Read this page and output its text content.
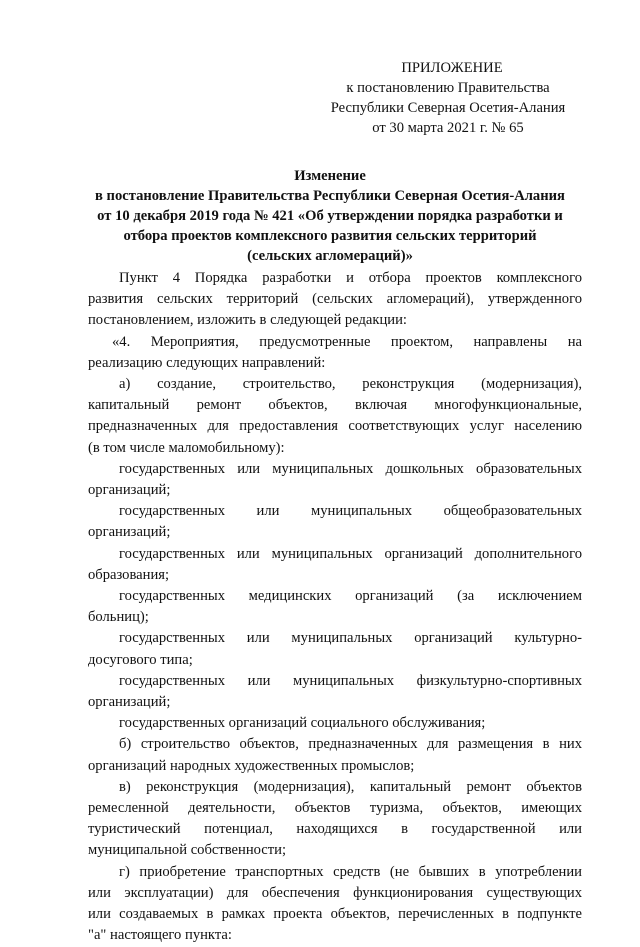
ПРИЛОЖЕНИЕ
к постановлению Правительства
Республики Северная Осетия-Алания
от 30 марта 2021 г. № 65
Изменение
в постановление Правительства Республики Северная Осетия-Алания
от 10 декабря 2019 года № 421 «Об утверждении порядка разработки и
отбора проектов комплексного развития сельских территорий
(сельских агломераций)»

Пункт 4 Порядка разработки и отбора проектов комплексного
развития сельских территорий (сельских агломераций), утвержденного
постановлением, изложить в следующей редакции:

«4. Мероприятия, предусмотренные проектом, направлены на
реализацию следующих направлений:

а) создание, строительство, реконструкция (модернизация),
капитальный ремонт объектов, включая многофункциональные,
предназначенных для предоставления соответствующих услуг населению
(в том числе маломобильному):

государственных или муниципальных дошкольных образовательных
организаций;

государственных или муниципальных общеобразовательных
организаций;

государственных или муниципальных организаций дополнительного
образования;

государственных медицинских организаций (за исключением
больниц);

государственных или муниципальных организаций культурно-
досугового типа;

государственных или муниципальных физкультурно-спортивных
организаций;

государственных организаций социального обслуживания;

б) строительство объектов, предназначенных для размещения в них
организаций народных художественных промыслов;

в) реконструкция (модернизация), капитальный ремонт объектов
ремесленной деятельности, объектов туризма, объектов, имеющих
туристический потенциал, находящихся в государственной или
муниципальной собственности;

г) приобретение транспортных средств (не бывших в употреблении
или эксплуатации) для обеспечения функционирования существующих
или создаваемых в рамках проекта объектов, перечисленных в подпункте
"а" настоящего пункта:
